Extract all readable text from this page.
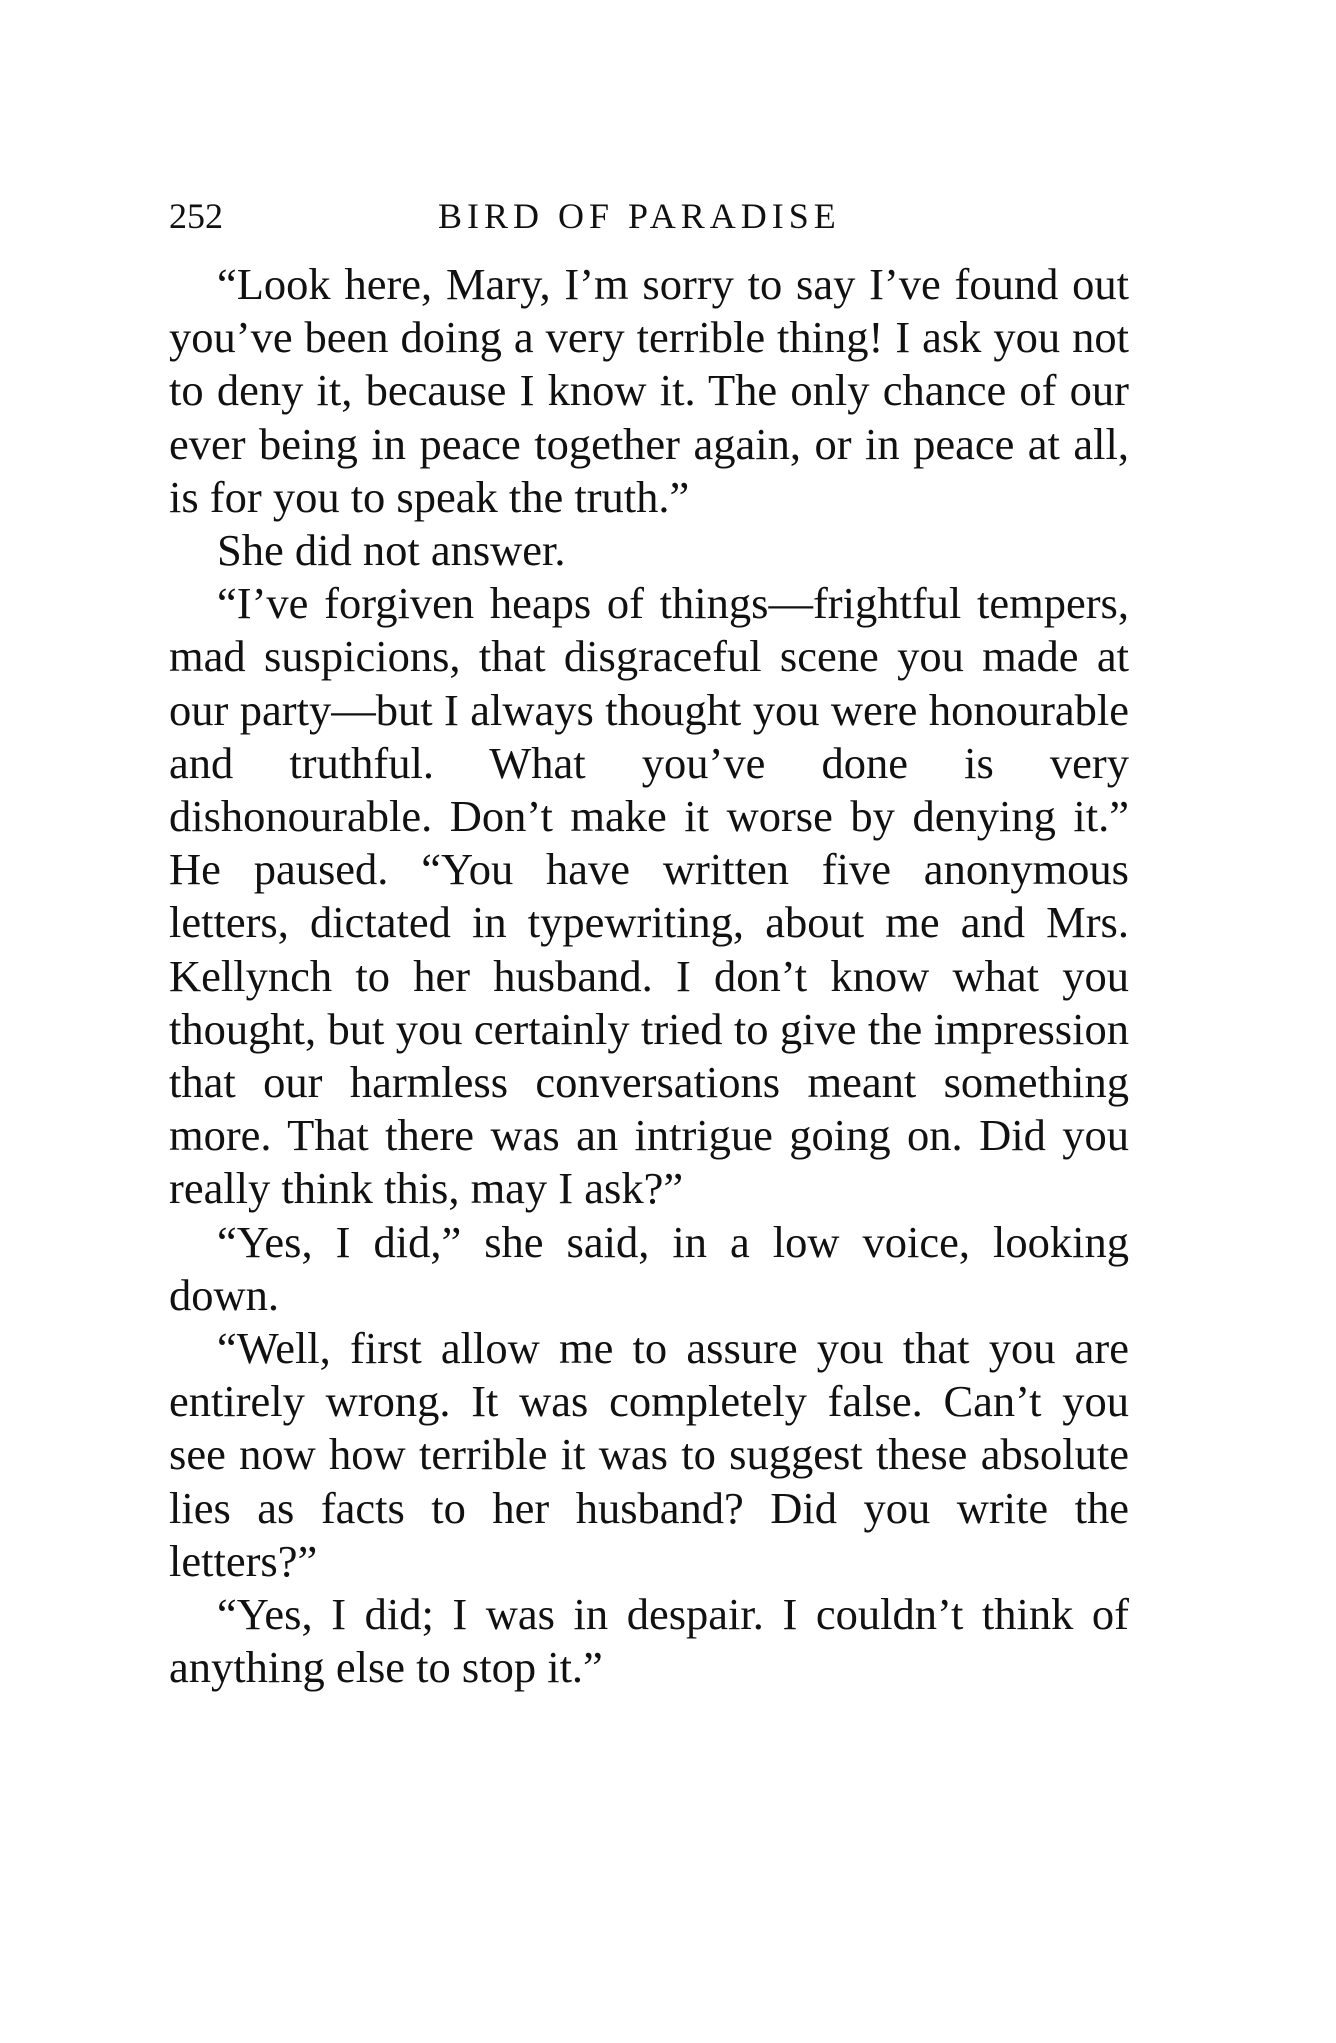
252	BIRD OF PARADISE

“Look here, Mary, I’m sorry to say I’ve found out you’ve been doing a very terrible thing! I ask you not to deny it, because I know it. The only chance of our ever being in peace together again, or in peace at all, is for you to speak the truth.”

She did not answer.

“I’ve forgiven heaps of things—frightful tempers, mad suspicions, that disgraceful scene you made at our party—but I always thought you were honourable and truthful. What you’ve done is very dishonourable. Don’t make it worse by denying it.” He paused. “You have written five anonymous letters, dictated in typewriting, about me and Mrs. Kellynch to her husband. I don’t know what you thought, but you certainly tried to give the impression that our harmless conversations meant something more. That there was an intrigue going on. Did you really think this, may I ask?”

“Yes, I did,” she said, in a low voice, looking down.

“Well, first allow me to assure you that you are entirely wrong. It was completely false. Can’t you see now how terrible it was to suggest these absolute lies as facts to her husband? Did you write the letters?”

“Yes, I did; I was in despair. I couldn’t think of anything else to stop it.”
